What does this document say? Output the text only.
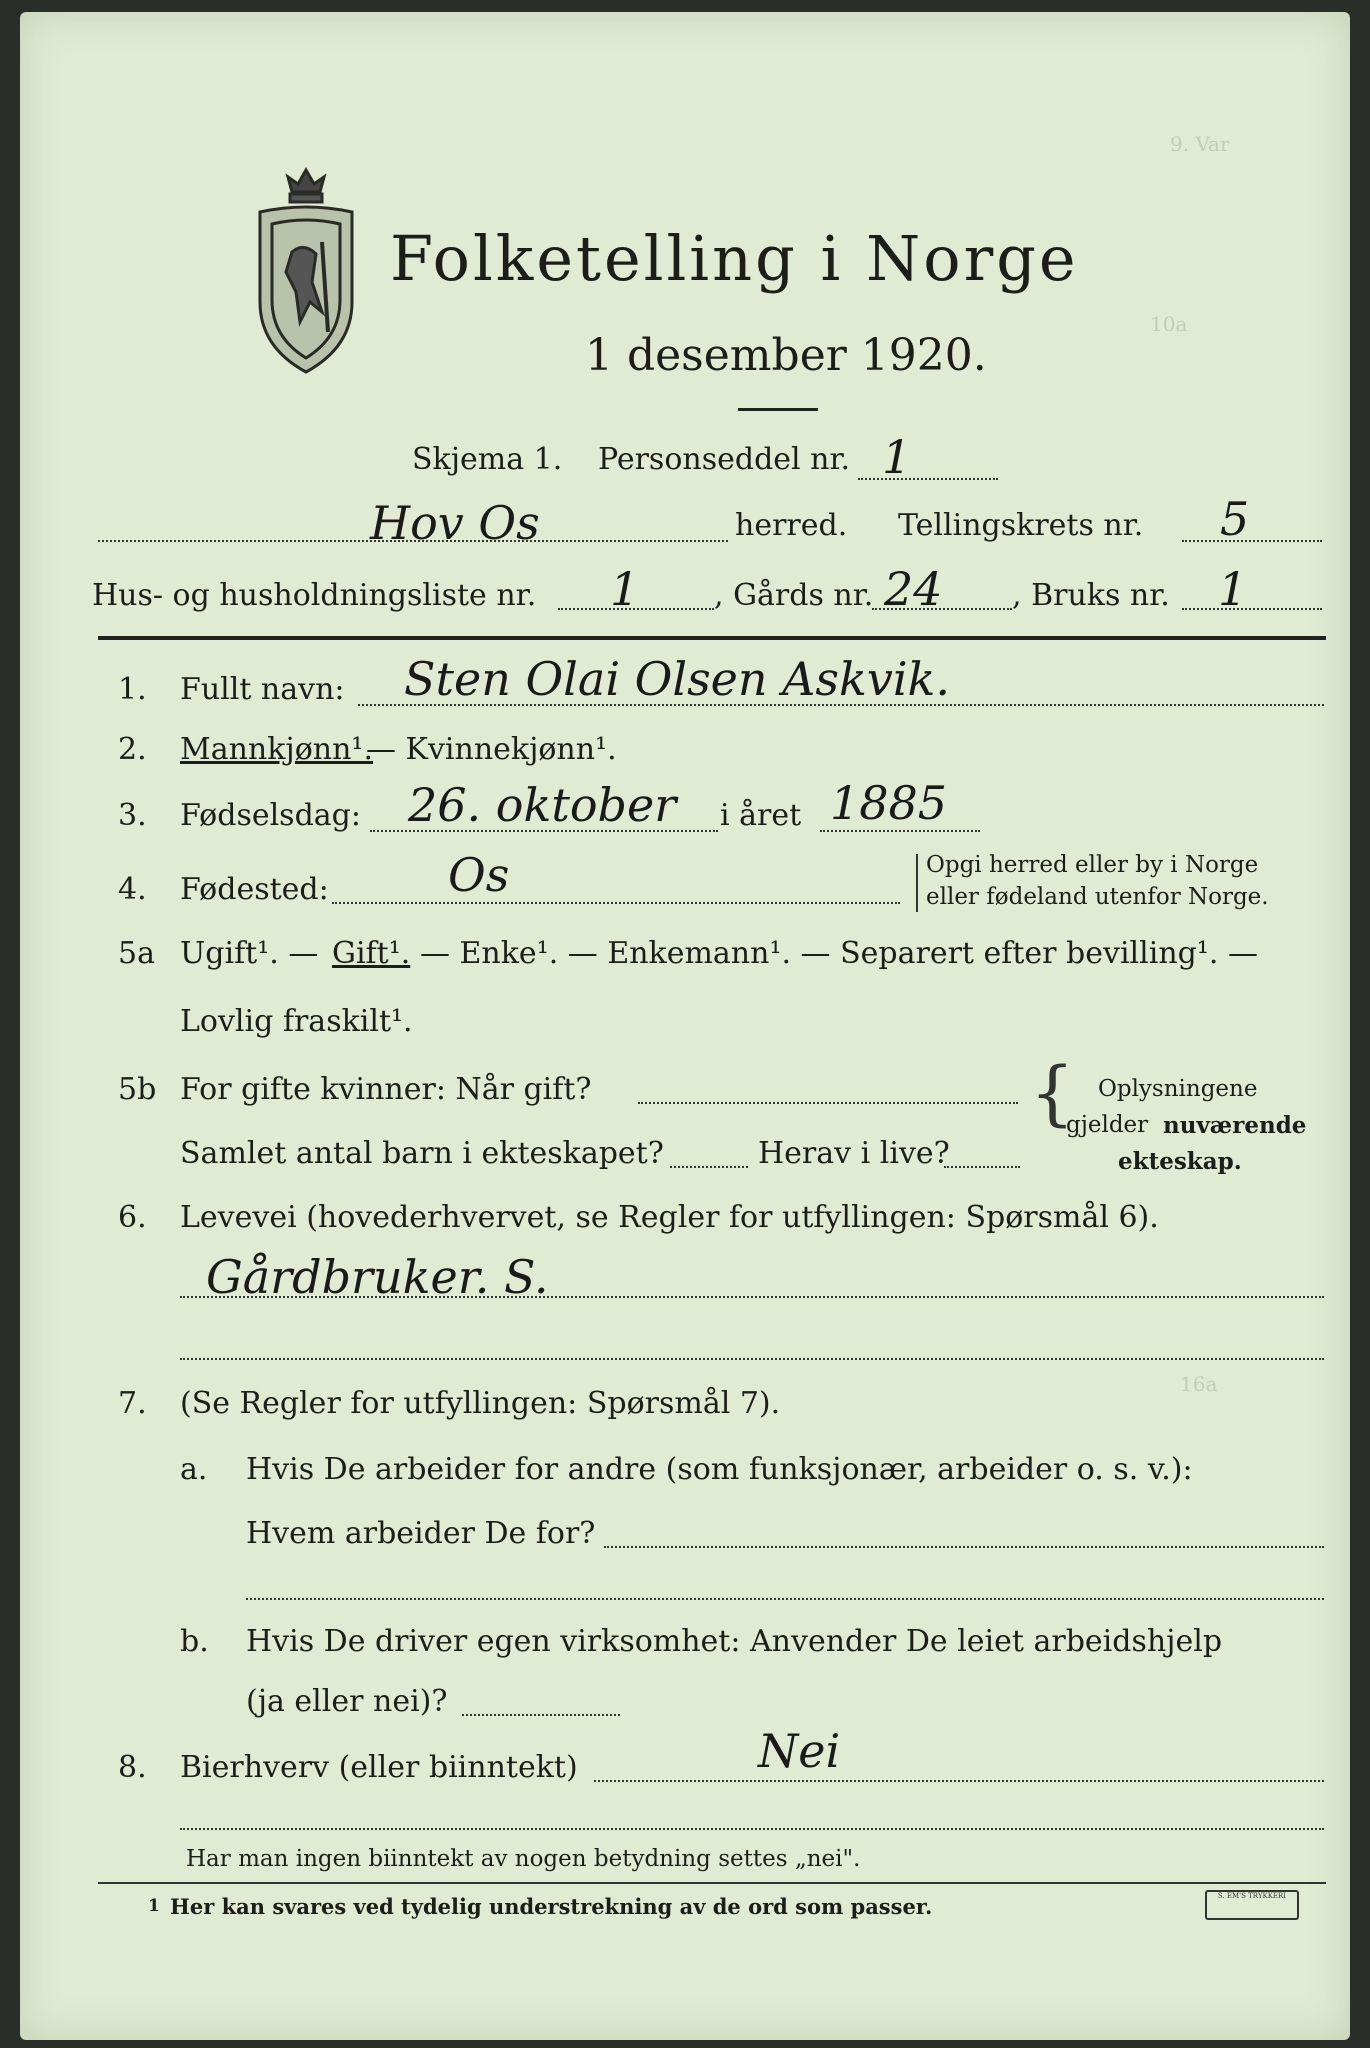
9. Var
10a
16a
Folketelling i Norge
1 desember 1920.
Skjema 1. Personseddel nr. 1
Hov Os	herred. Tellingskrets nr. 5
Hus- og husholdningsliste nr. 1 , Gårds nr. 24 , Bruks nr. 1
1. Fullt navn: Sten Olai Olsen Askvik.
2. Mannkjønn¹.
— Kvinnekjønn¹.
3. Fødselsdag: 26. oktober i året 1885
4. Fødested:	Os	Opgi herred eller by i Norge
eller fødeland utenfor Norge.
5a Ugift¹. — Gift¹. — Enke¹. — Enkemann¹. — Separert efter bevilling¹. —
Lovlig fraskilt¹.
5b For gifte kvinner: Når gift?
Samlet antal barn i ekteskapet?	Herav i live?
{ Oplysningene
gjelder nuværende
ekteskap.
6. Levevei (hovederhvervet, se Regler for utfyllingen: Spørsmål 6).
Gårdbruker. S.
7. (Se Regler for utfyllingen: Spørsmål 7).
a. Hvis De arbeider for andre (som funksjonær, arbeider o. s. v.):
Hvem arbeider De for?
b. Hvis De driver egen virksomhet: Anvender De leiet arbeidshjelp
(ja eller nei)?
8. Bierhverv (eller biinntekt)	Nei
Har man ingen biinntekt av nogen betydning settes „nei".
1 Her kan svares ved tydelig understrekning av de ord som passer.	S. EM'S TRYKKERI
